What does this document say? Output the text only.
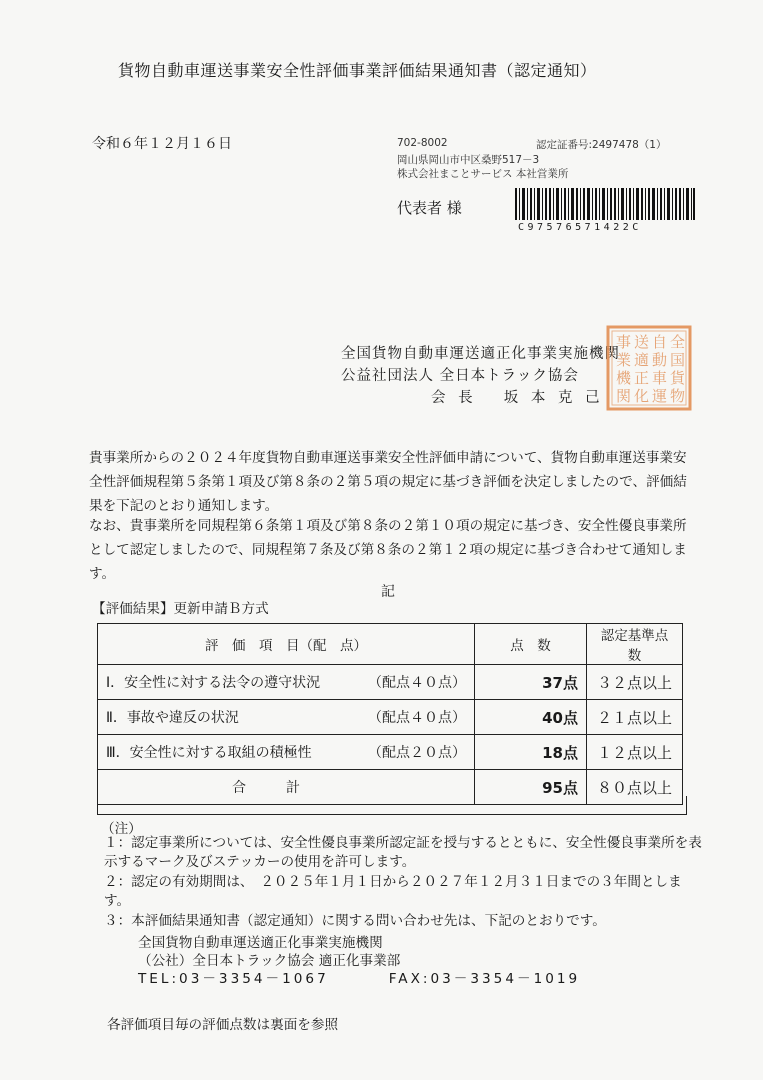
貨物自動車運送事業安全性評価事業評価結果通知書（認定通知）
令和６年１２月１６日	702-8002	認定証番号:2497478（1）
岡山県岡山市中区桑野517－3
株式会社まことサービス 本社営業所
代表者 様
C97576571422C
全国貨物自動車運送適正化事業実施機関
公益社団法人 全日本トラック協会
会 長　 坂 本 克 己
全
国
貨
物
自
動
車
運
送
適
正
化
事
業
機
関
貴事業所からの２０２４年度貨物自動車運送事業安全性評価申請について、貨物自動車運送事業安全性評価規程第５条第１項及び第８条の２第５項の規定に基づき評価を決定しましたので、評価結果を下記のとおり通知します。
なお、貴事業所を同規程第６条第１項及び第８条の２第１０項の規定に基づき、安全性優良事業所として認定しましたので、同規程第７条及び第８条の２第１２項の規定に基づき合わせて通知します。
記
【評価結果】更新申請Ｂ方式
評　価　項　目（配　点）	点　数	認定基準点数

Ⅰ．安全性に対する法令の遵守状況 （配点４０点）	37点	３２点以上

Ⅱ．事故や違反の状況 （配点４０点）	40点	２１点以上

Ⅲ．安全性に対する取組の積極性 （配点２０点）	18点	１２点以上
合計	95点	８０点以上
（注）
１：認定事業所については、安全性優良事業所認定証を授与するとともに、安全性優良事業所を表示するマーク及びステッカーの使用を許可します。
２：認定の有効期間は、　２０２５年１月１日から２０２７年１２月３１日までの３年間とします。
３：本評価結果通知書（認定通知）に関する問い合わせ先は、下記のとおりです。
全国貨物自動車運送適正化事業実施機関
（公社）全日本トラック協会 適正化事業部
TEL:03－3354－1067	FAX:03－3354－1019
各評価項目毎の評価点数は裏面を参照
